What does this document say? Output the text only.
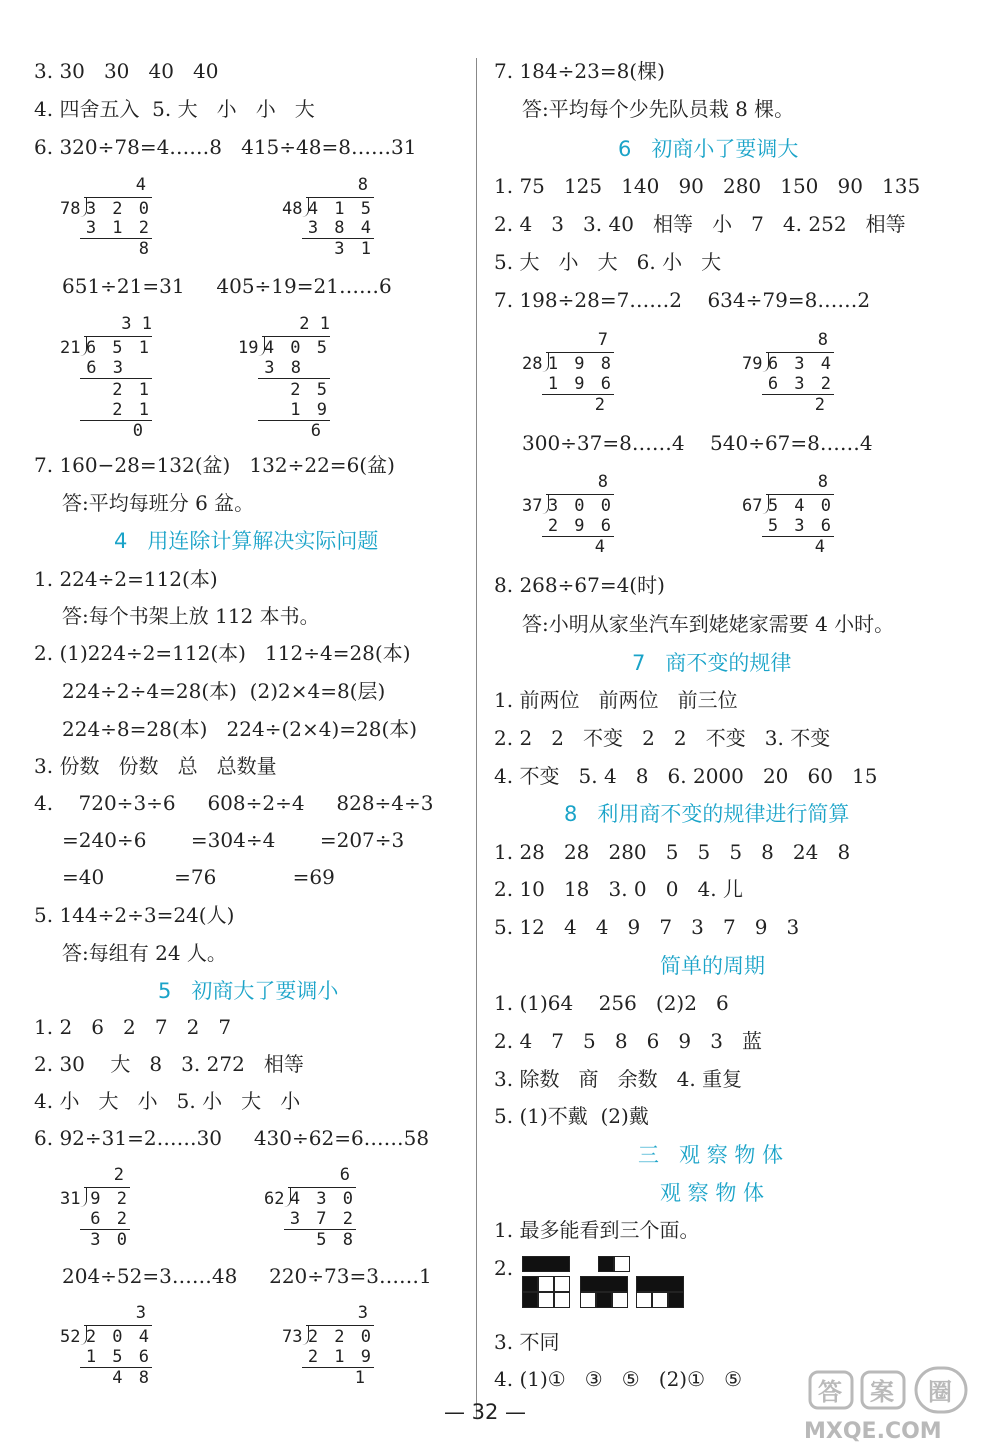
3. 30   30   40   40
4. 四舍五入  5. 大   小   小   大
6. 320÷78=4……8   415÷48=8……31
4
78 3 2 0
3 1 2
8
8
48 4 1 5
3 8 4
3 1
651÷21=31     405÷19=21……6
3 1
21 6 5 1
6 3
2 1
2 1
0
2 1
19 4 0 5
3 8
2 5
1 9
6
7. 160−28=132(盆)   132÷22=6(盆)
答:平均每班分 6 盆。
4   用连除计算解决实际问题
1. 224÷2=112(本)
答:每个书架上放 112 本书。
2. (1)224÷2=112(本)   112÷4=28(本)
224÷2÷4=28(本)  (2)2×4=8(层)
224÷8=28(本)   224÷(2×4)=28(本)
3. 份数   份数   总   总数量
4.    720÷3÷6     608÷2÷4     828÷4÷3
=240÷6       =304÷4       =207÷3
=40           =76            =69
5. 144÷2÷3=24(人)
答:每组有 24 人。
5   初商大了要调小
1. 2   6   2   7   2   7
2. 30    大   8   3. 272   相等
4. 小   大   小   5. 小   大   小
6. 92÷31=2……30     430÷62=6……58
2
31 9 2
6 2
3 0
6
62 4 3 0
3 7 2
5 8
204÷52=3……48     220÷73=3……1
3
52 2 0 4
1 5 6
4 8
3
73 2 2 0
2 1 9
1
7. 184÷23=8(棵)
答:平均每个少先队员栽 8 棵。
6   初商小了要调大
1. 75   125   140   90   280   150   90   135
2. 4   3   3. 40   相等   小   7   4. 252   相等
5. 大   小   大   6. 小   大
7. 198÷28=7……2    634÷79=8……2
7
28 1 9 8
1 9 6
2
8
79 6 3 4
6 3 2
2
300÷37=8……4    540÷67=8……4
8
37 3 0 0
2 9 6
4
8
67 5 4 0
5 3 6
4
8. 268÷67=4(时)
答:小明从家坐汽车到姥姥家需要 4 小时。
7   商不变的规律
1. 前两位   前两位   前三位
2. 2   2   不变   2   2   不变   3. 不变
4. 不变   5. 4   8   6. 2000   20   60   15
8   利用商不变的规律进行简算
1. 28   28   280   5   5   5   8   24   8
2. 10   18   3. 0   0   4. 儿
5. 12   4   4   9   7   3   7   9   3
简单的周期
1. (1)64    256   (2)2   6
2. 4   7   5   8   6   9   3   蓝
3. 除数   商   余数   4. 重复
5. (1)不戴  (2)戴
三   观 察 物 体
观 察 物 体
1. 最多能看到三个面。
2.
3. 不同
4. (1)①   ③   ⑤   (2)①   ⑤
— 32 —
答 案 圈
MXQE.COM
